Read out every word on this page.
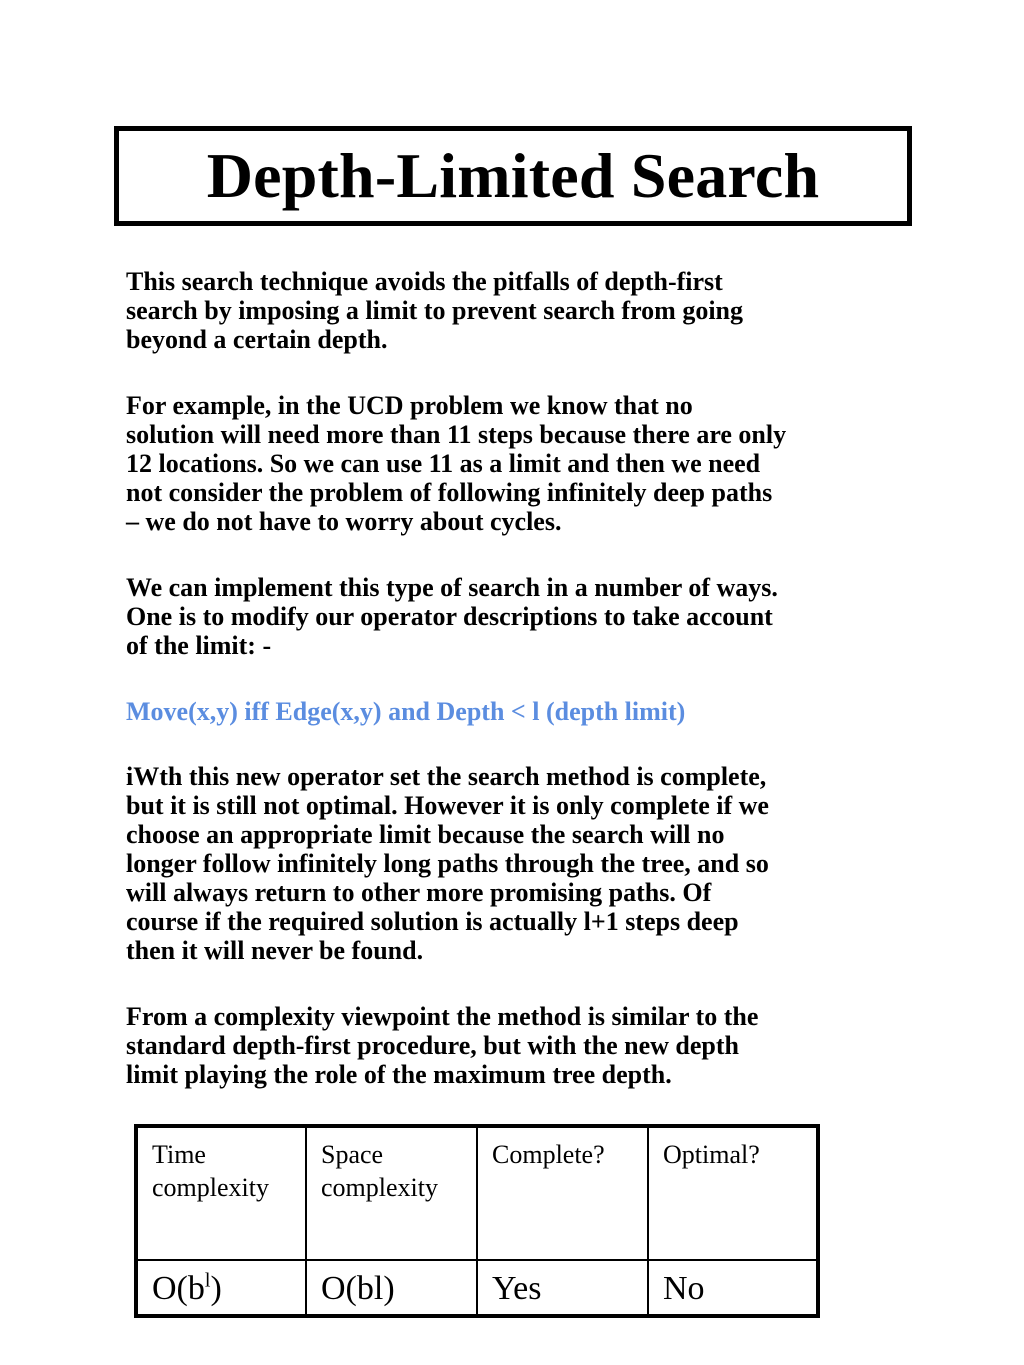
Depth-Limited Search

This search technique avoids the pitfalls of depth-first
search by imposing a limit to prevent search from going
beyond a certain depth.

For example, in the UCD problem we know that no
solution will need more than 11 steps because there are only
12 locations. So we can use 11 as a limit and then we need
not consider the problem of following infinitely deep paths
– we do not have to worry about cycles.

We can implement this type of search in a number of ways.
One is to modify our operator descriptions to take account
of the limit: -

Move(x,y) iff Edge(x,y) and Depth < l (depth limit)

iWth this new operator set the search method is complete,
but it is still not optimal. However it is only complete if we
choose an appropriate limit because the search will no
longer follow infinitely long paths through the tree, and so
will always return to other more promising paths. Of
course if the required solution is actually l+1 steps deep
then it will never be found.

From a complexity viewpoint the method is similar to the
standard depth-first procedure, but with the new depth
limit playing the role of the maximum tree depth.

Time
complexity	Space
complexity	Complete?	Optimal?
$O(b^l)$	O(bl)	Yes	No
